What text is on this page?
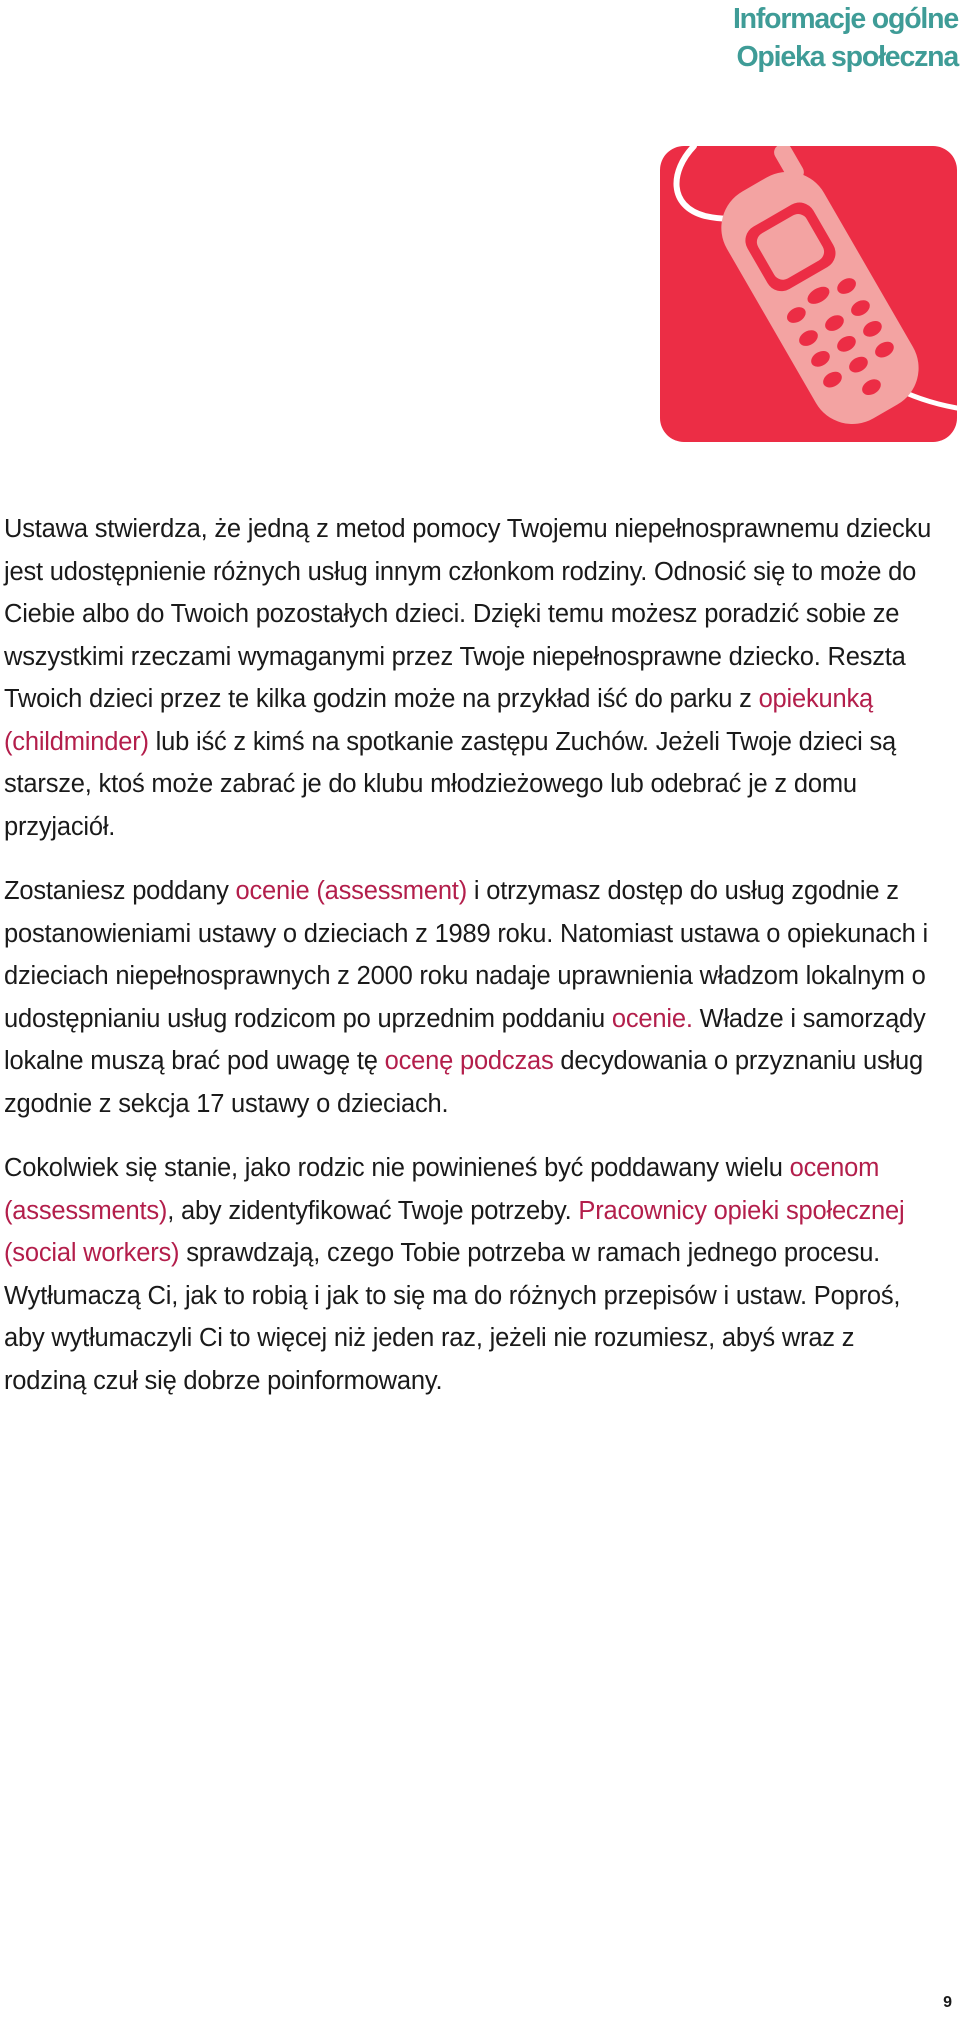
Informacje ogólne
Opieka społeczna

Ustawa stwierdza, że jedną z metod pomocy Twojemu niepełnosprawnemu dziecku jest udostępnienie różnych usług innym członkom rodziny. Odnosić się to może do Ciebie albo do Twoich pozostałych dzieci. Dzięki temu możesz poradzić sobie ze wszystkimi rzeczami wymaganymi przez Twoje niepełnosprawne dziecko. Reszta Twoich dzieci przez te kilka godzin może na przykład iść do parku z opiekunką (childminder) lub iść z kimś na spotkanie zastępu Zuchów. Jeżeli Twoje dzieci są starsze, ktoś może zabrać je do klubu młodzieżowego lub odebrać je z domu przyjaciół.

Zostaniesz poddany ocenie (assessment) i otrzymasz dostęp do usług zgodnie z postanowieniami ustawy o dzieciach z 1989 roku. Natomiast ustawa o opiekunach i dzieciach niepełnosprawnych z 2000 roku nadaje uprawnienia władzom lokalnym o udostępnianiu usług rodzicom po uprzednim poddaniu ocenie. Władze i samorządy lokalne muszą brać pod uwagę tę ocenę podczas decydowania o przyznaniu usług zgodnie z sekcja 17 ustawy o dzieciach.

Cokolwiek się stanie, jako rodzic nie powinieneś być poddawany wielu ocenom (assessments), aby zidentyfikować Twoje potrzeby. Pracownicy opieki społecznej (social workers) sprawdzają, czego Tobie potrzeba w ramach jednego procesu. Wytłumaczą Ci, jak to robią i jak to się ma do różnych przepisów i ustaw. Poproś, aby wytłumaczyli Ci to więcej niż jeden raz, jeżeli nie rozumiesz, abyś wraz z rodziną czuł się dobrze poinformowany.

9
